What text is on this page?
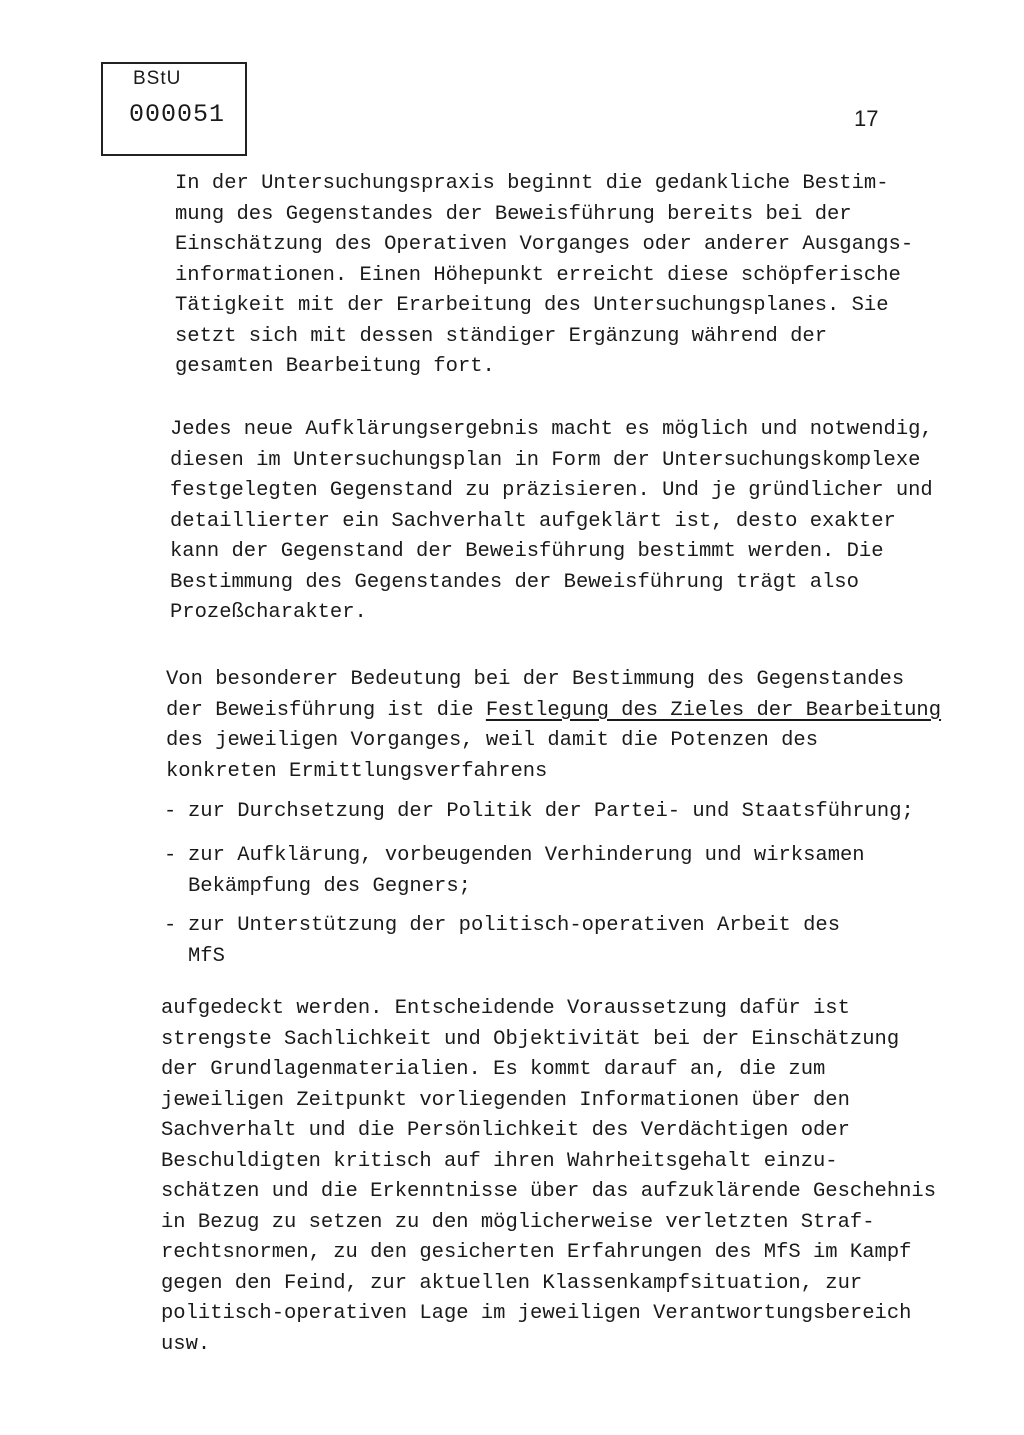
BStU
000051	17
In der Untersuchungspraxis beginnt die gedankliche Bestim-
mung des Gegenstandes der Beweisführung bereits bei der
Einschätzung des Operativen Vorganges oder anderer Ausgangs-
informationen. Einen Höhepunkt erreicht diese schöpferische
Tätigkeit mit der Erarbeitung des Untersuchungsplanes. Sie
setzt sich mit dessen ständiger Ergänzung während der
gesamten Bearbeitung fort.
Jedes neue Aufklärungsergebnis macht es möglich und notwendig,
diesen im Untersuchungsplan in Form der Untersuchungskomplexe
festgelegten Gegenstand zu präzisieren. Und je gründlicher und
detaillierter ein Sachverhalt aufgeklärt ist, desto exakter
kann der Gegenstand der Beweisführung bestimmt werden. Die
Bestimmung des Gegenstandes der Beweisführung trägt also
Prozeßcharakter.
Von besonderer Bedeutung bei der Bestimmung des Gegenstandes
der Beweisführung ist die Festlegung des Zieles der Bearbeitung
des jeweiligen Vorganges, weil damit die Potenzen des
konkreten Ermittlungsverfahrens
- zur Durchsetzung der Politik der Partei- und Staatsführung;
- zur Aufklärung, vorbeugenden Verhinderung und wirksamen
Bekämpfung des Gegners;
- zur Unterstützung der politisch-operativen Arbeit des
MfS
aufgedeckt werden. Entscheidende Voraussetzung dafür ist
strengste Sachlichkeit und Objektivität bei der Einschätzung
der Grundlagenmaterialien. Es kommt darauf an, die zum
jeweiligen Zeitpunkt vorliegenden Informationen über den
Sachverhalt und die Persönlichkeit des Verdächtigen oder
Beschuldigten kritisch auf ihren Wahrheitsgehalt einzu-
schätzen und die Erkenntnisse über das aufzuklärende Geschehnis
in Bezug zu setzen zu den möglicherweise verletzten Straf-
rechtsnormen, zu den gesicherten Erfahrungen des MfS im Kampf
gegen den Feind, zur aktuellen Klassenkampfsituation, zur
politisch-operativen Lage im jeweiligen Verantwortungsbereich
usw.
